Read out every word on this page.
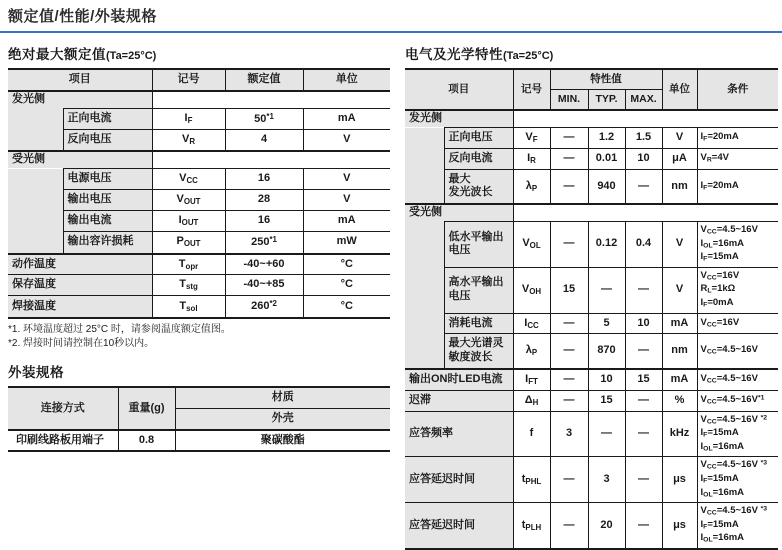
额定值/性能/外装规格
绝对最大额定值(Ta=25°C)
项目		记号	额定值	单位
发光侧				
	正向电流	$I_F$	50$^{*1}$	mA
	反向电压	$V_R$	4	V
受光侧				
	电源电压	$V_{CC}$	16	V
	输出电压	$V_{OUT}$	28	V
	输出电流	$I_{OUT}$	16	mA
	输出容许损耗	$P_{OUT}$	250$^{*1}$	mW
动作温度		$T_{opr}$	-40~+60	°C
保存温度		$T_{stg}$	-40~+85	°C
焊接温度		$T_{sol}$	260$^{*2}$	°C
*1. 环境温度超过 25°C 时，请参阅温度额定值图。
*2. 焊接时间请控制在10秒以内。
外装规格
连接方式	重量(g)	材质
		外壳
印刷线路板用端子	0.8	聚碳酸酯
电气及光学特性(Ta=25°C)
项目		记号	特性值			单位	条件
			MIN.	TYP.	MAX.		
发光侧							
	正向电压	$V_F$	—	1.2	1.5	V	$I_F=20mA$
	反向电流	$I_R$	—	0.01	10	μA	$V_R=4V$
	最大
发光波长	$\lambda_P$	—	940	—	nm	$I_F=20mA$
受光侧							
	低水平输出
电压	$V_{OL}$	—	0.12	0.4	V	$V_{CC}=4.5\sim 16V$
$I_{OL}=16mA$
$I_F=15mA$
	高水平输出
电压	$V_{OH}$	15	—	—	V	$V_{CC}=16V$
$R_L=1k\Omega$
$I_F=0mA$
	消耗电流	$I_{CC}$	—	5	10	mA	$V_{CC}=16V$
	最大光谱灵
敏度波长	$\lambda_P$	—	870	—	nm	$V_{CC}=4.5\sim 16V$
输出ON时LED电流		$I_{FT}$	—	10	15	mA	$V_{CC}=4.5\sim 16V$
迟滞		$\Delta_H$	—	15	—	%	$V_{CC}=4.5\sim 16V^{*1}$
应答频率		f	3	—	—	kHz	$V_{CC}=4.5\sim 16V$ $^{*2}$
$I_F=15mA$
$I_{OL}=16mA$
应答延迟时间		$t_{PHL}$	—	3	—	μs	$V_{CC}=4.5\sim 16V$ $^{*3}$
$I_F=15mA$
$I_{OL}=16mA$
应答延迟时间		$t_{PLH}$	—	20	—	μs	$V_{CC}=4.5\sim 16V$ $^{*3}$
$I_F=15mA$
$I_{OL}=16mA$
